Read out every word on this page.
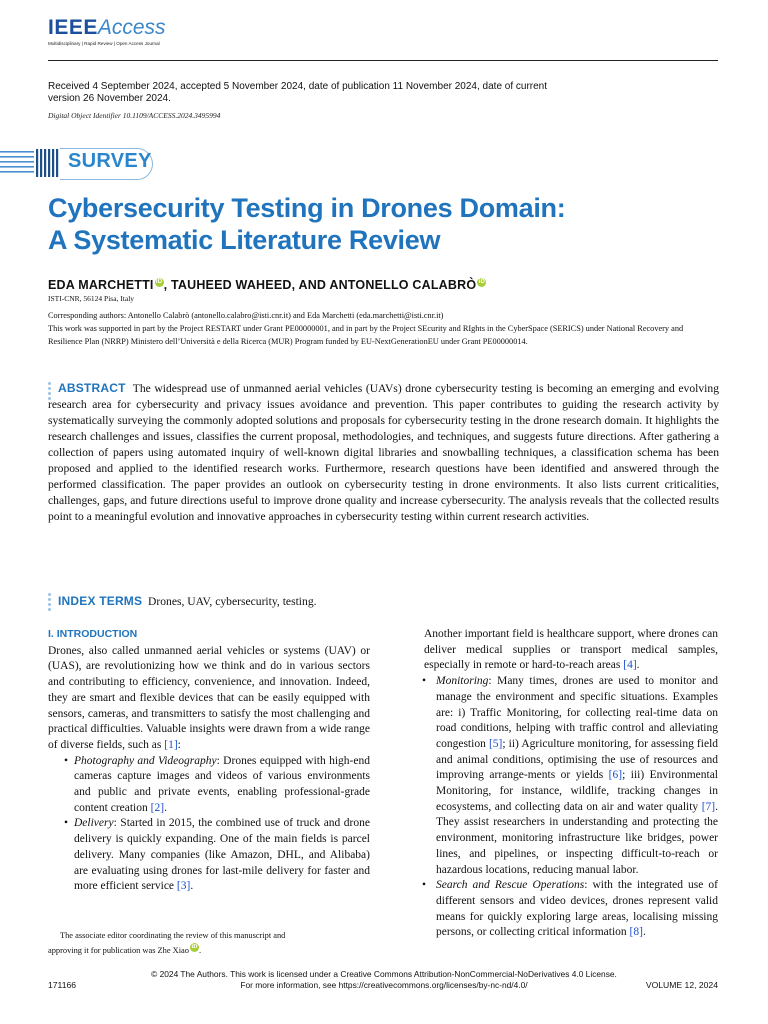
IEEEAccess
Multidisciplinary | Rapid Review | Open Access Journal
Received 4 September 2024, accepted 5 November 2024, date of publication 11 November 2024, date of current version 26 November 2024.
Digital Object Identifier 10.1109/ACCESS.2024.3495994
SURVEY
Cybersecurity Testing in Drones Domain:
A Systematic Literature Review
EDA MARCHETTI iD, TAUHEED WAHEED, AND ANTONELLO CALABRÒ iD
ISTI-CNR, 56124 Pisa, Italy
Corresponding authors: Antonello Calabrò (antonello.calabro@isti.cnr.it) and Eda Marchetti (eda.marchetti@isti.cnr.it)
This work was supported in part by the Project RESTART under Grant PE00000001, and in part by the Project SEcurity and RIghts in the CyberSpace (SERICS) under National Recovery and Resilience Plan (NRRP) Ministero dell’Università e della Ricerca (MUR) Program funded by EU-NextGenerationEU under Grant PE00000014.
ABSTRACT The widespread use of unmanned aerial vehicles (UAVs) drone cybersecurity testing is becoming an emerging and evolving research area for cybersecurity and privacy issues avoidance and prevention. This paper contributes to guiding the research activity by systematically surveying the commonly adopted solutions and proposals for cybersecurity testing in the drone research domain. It highlights the research challenges and issues, classifies the current proposal, methodologies, and techniques, and suggests future directions. After gathering a collection of papers using automated inquiry of well-known digital libraries and snowballing techniques, a classification schema has been proposed and applied to the identified research works. Furthermore, research questions have been identified and answered through the performed classification. The paper provides an outlook on cybersecurity testing in drone environments. It also lists current criticalities, challenges, gaps, and future directions useful to improve drone quality and increase cybersecurity. The analysis reveals that the collected results point to a meaningful evolution and innovative approaches in cybersecurity testing within current research activities.
INDEX TERMS Drones, UAV, cybersecurity, testing.
I. INTRODUCTION
Drones, also called unmanned aerial vehicles or systems (UAV) or (UAS), are revolutionizing how we think and do in various sectors and contributing to efficiency, convenience, and innovation. Indeed, they are smart and flexible devices that can be easily equipped with sensors, cameras, and transmitters to satisfy the most challenging and practical difficulties. Valuable insights were drawn from a wide range of diverse fields, such as [1]:
• Photography and Videography: Drones equipped with high-end cameras capture images and videos of various environments and public and private events, enabling professional-grade content creation [2].
• Delivery: Started in 2015, the combined use of truck and drone delivery is quickly expanding. One of the main fields is parcel delivery. Many companies (like Amazon, DHL, and Alibaba) are evaluating using drones for last-mile delivery for faster and more efficient service [3].
The associate editor coordinating the review of this manuscript and
approving it for publication was Zhe Xiao iD .
Another important field is healthcare support, where drones can deliver medical supplies or transport medical samples, especially in remote or hard-to-reach areas [4].
• Monitoring: Many times, drones are used to monitor and manage the environment and specific situations. Examples are: i) Traffic Monitoring, for collecting real-time data on road conditions, helping with traffic control and alleviating congestion [5]; ii) Agriculture monitoring, for assessing field and animal conditions, optimising the use of resources and improving arrange-ments or yields [6]; iii) Environmental Monitoring, for instance, wildlife, tracking changes in ecosystems, and collecting data on air and water quality [7]. They assist researchers in understanding and protecting the environment, monitoring infrastructure like bridges, power lines, and pipelines, or inspecting difficult-to-reach or hazardous locations, reducing manual labor.
• Search and Rescue Operations: with the integrated use of different sensors and video devices, drones represent valid means for quickly exploring large areas, localising missing persons, or collecting critical information [8].
© 2024 The Authors. This work is licensed under a Creative Commons Attribution-NonCommercial-NoDerivatives 4.0 License.
For more information, see https://creativecommons.org/licenses/by-nc-nd/4.0/
171166	VOLUME 12, 2024
